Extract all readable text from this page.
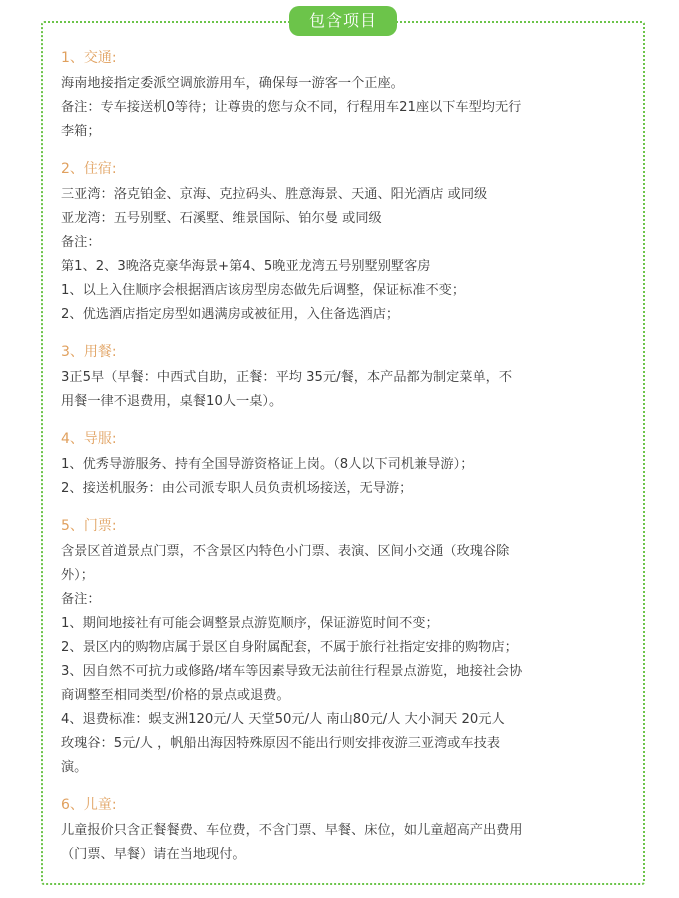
包含项目
1、交通:
海南地接指定委派空调旅游用车，确保每一游客一个正座。
备注：专车接送机0等待；让尊贵的您与众不同，行程用车21座以下车型均无行
李箱；
2、住宿:
三亚湾：洛克铂金、京海、克拉码头、胜意海景、天通、阳光酒店 或同级
亚龙湾：五号别墅、石溪墅、维景国际、铂尔曼 或同级
备注：
第1、2、3晚洛克豪华海景+第4、5晚亚龙湾五号别墅别墅客房
1、以上入住顺序会根据酒店该房型房态做先后调整，保证标准不变；
2、优选酒店指定房型如遇满房或被征用，入住备选酒店；
3、用餐:
3正5早（早餐：中西式自助，正餐：平均 35元/餐，本产品都为制定菜单，不
用餐一律不退费用，桌餐10人一桌）。
4、导服:
1、优秀导游服务、持有全国导游资格证上岗。（8人以下司机兼导游）；
2、接送机服务：由公司派专职人员负责机场接送，无导游；
5、门票:
含景区首道景点门票，不含景区内特色小门票、表演、区间小交通（玫瑰谷除
外）；
备注：
1、期间地接社有可能会调整景点游览顺序，保证游览时间不变；
2、景区内的购物店属于景区自身附属配套，不属于旅行社指定安排的购物店；
3、因自然不可抗力或修路/堵车等因素导致无法前往行程景点游览，地接社会协
商调整至相同类型/价格的景点或退费。
4、退费标准：蜈支洲120元/人 天堂50元/人 南山80元/人 大小洞天 20元人
玫瑰谷：5元/人 ，帆船出海因特殊原因不能出行则安排夜游三亚湾或车技表
演。
6、儿童:
儿童报价只含正餐餐费、车位费，不含门票、早餐、床位，如儿童超高产出费用
（门票、早餐）请在当地现付。
